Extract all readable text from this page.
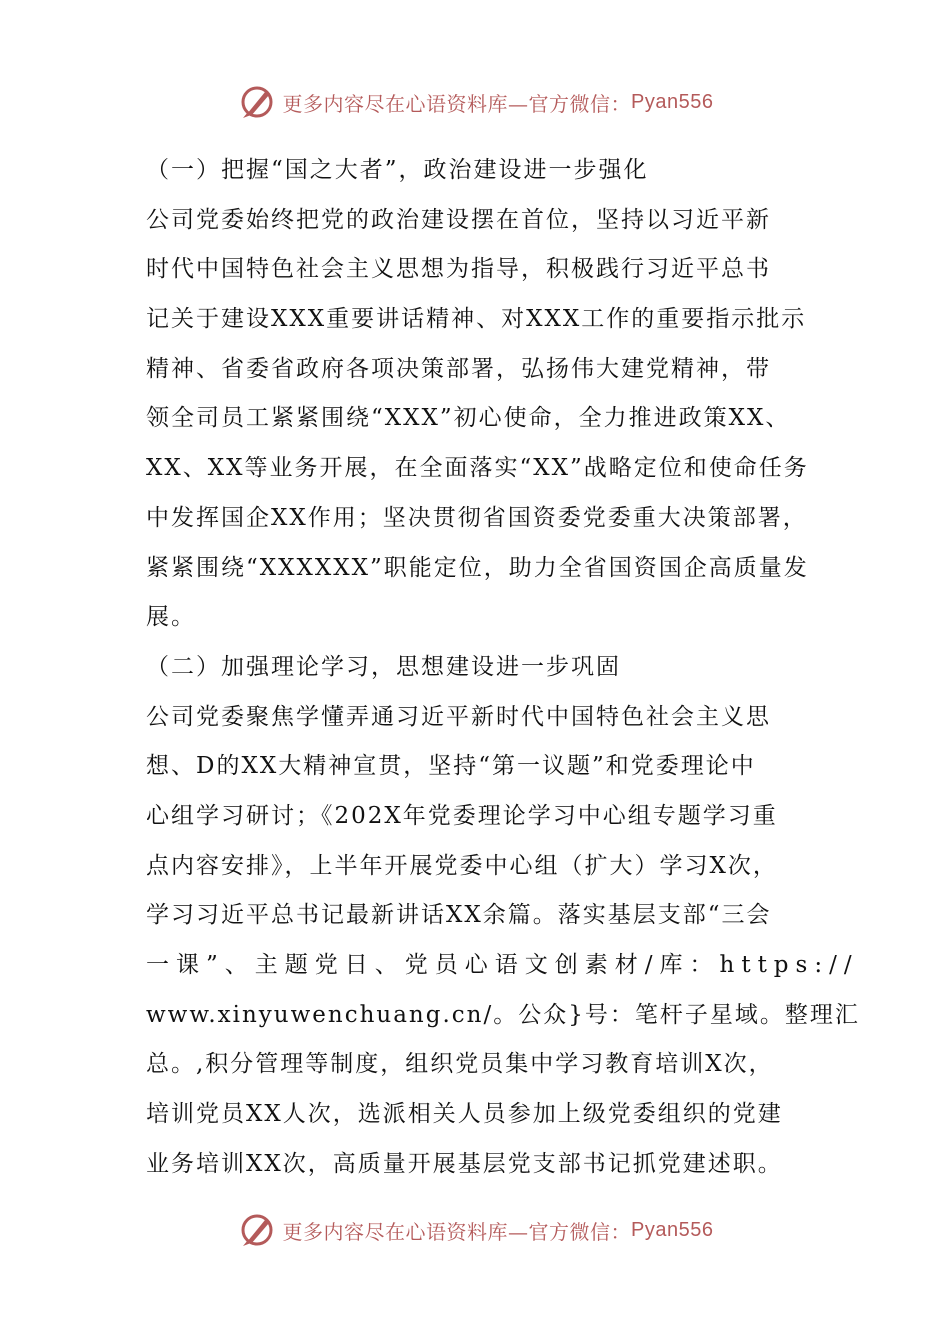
更多内容尽在心语资料库—官方微信： Pyan556
（一）把握“国之大者”，政治建设进一步强化
公司党委始终把党的政治建设摆在首位，坚持以习近平新
时代中国特色社会主义思想为指导，积极践行习近平总书
记关于建设XXX重要讲话精神、对XXX工作的重要指示批示
精神、省委省政府各项决策部署，弘扬伟大建党精神，带
领全司员工紧紧围绕“XXX”初心使命，全力推进政策XX、
XX、XX等业务开展，在全面落实“XX”战略定位和使命任务
中发挥国企XX作用；坚决贯彻省国资委党委重大决策部署，
紧紧围绕“XXXXXX”职能定位，助力全省国资国企高质量发
展。
（二）加强理论学习，思想建设进一步巩固
公司党委聚焦学懂弄通习近平新时代中国特色社会主义思
想、D的XX大精神宣贯，坚持“第一议题”和党委理论中
心组学习研讨；《202X年党委理论学习中心组专题学习重
点内容安排》，上半年开展党委中心组（扩大）学习X次，
学习习近平总书记最新讲话XX余篇。落实基层支部“三会
一课”、主题党日、党员心语文创素材/库：https://
www.xinyuwenchuang.cn/。公众}号：笔杆子星域。整理汇
总。,积分管理等制度，组织党员集中学习教育培训X次，
培训党员XX人次，选派相关人员参加上级党委组织的党建
业务培训XX次，高质量开展基层党支部书记抓党建述职。
更多内容尽在心语资料库—官方微信： Pyan556
